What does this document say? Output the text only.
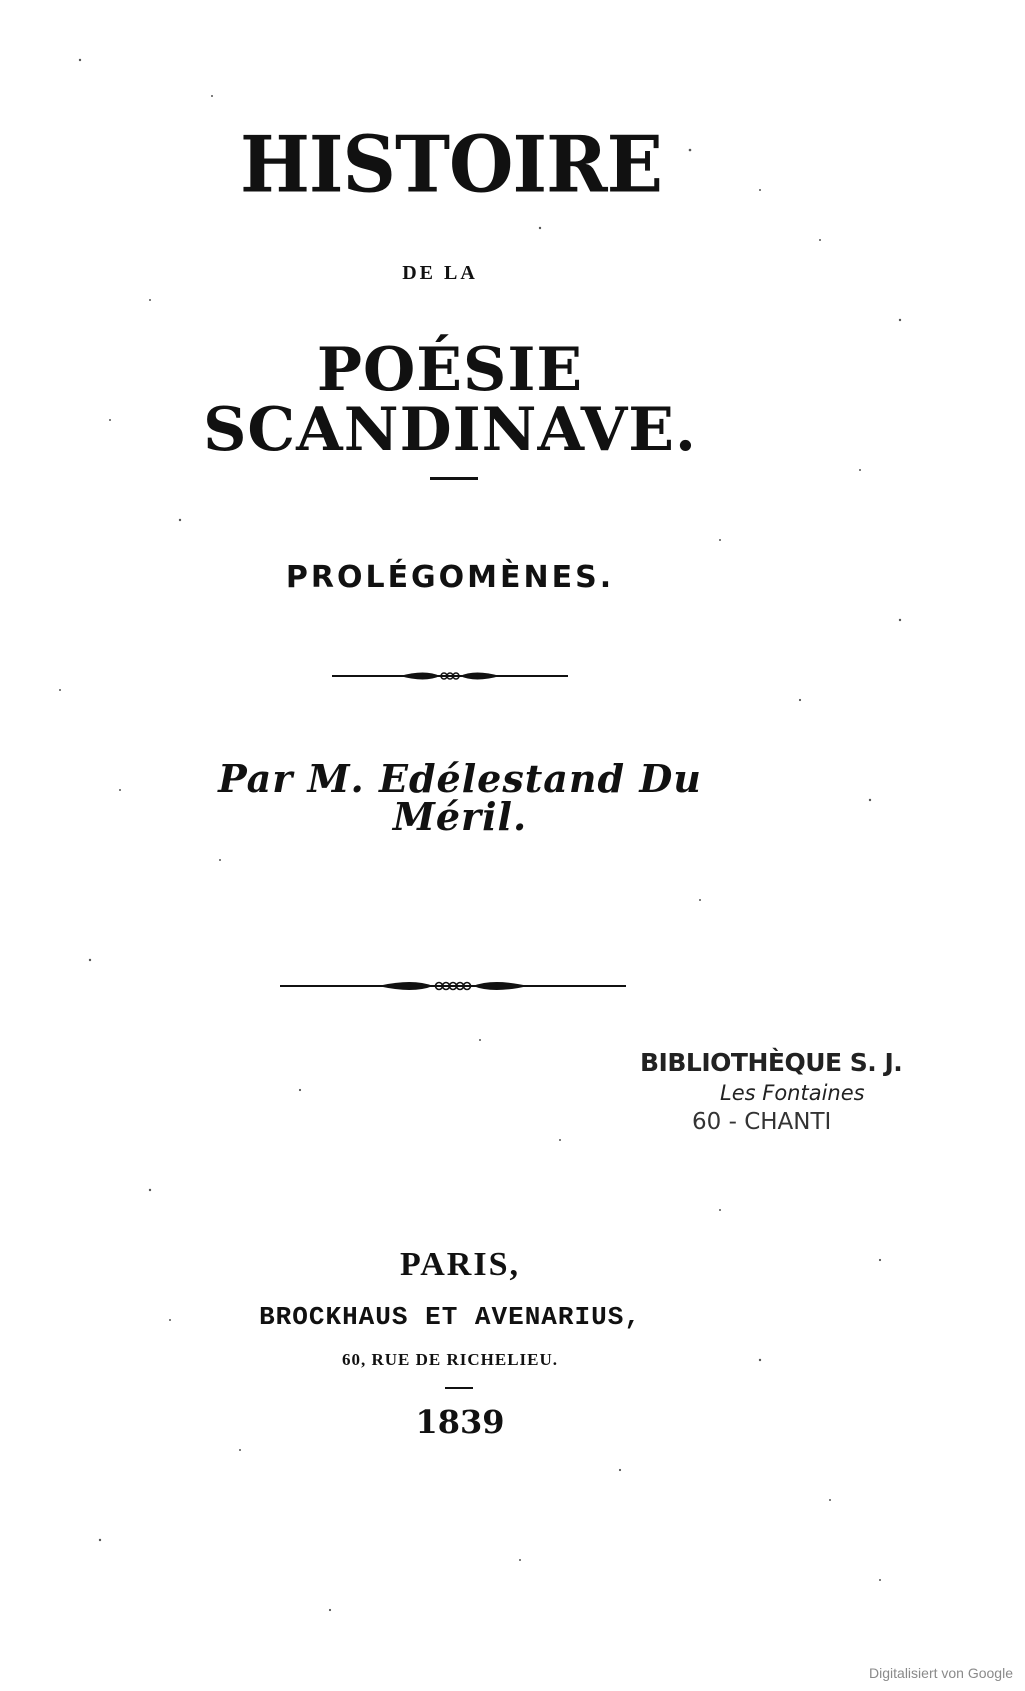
HISTOIRE
DE LA
POÉSIE SCANDINAVE.
PROLÉGOMÈNES.
Par M. Edélestand Du Méril.
BIBLIOTHÈQUE S. J.
Les Fontaines
60 - CHANTI
PARIS,
BROCKHAUS ET AVENARIUS,
60, RUE DE RICHELIEU.
1839
Digitalisiert von Google
